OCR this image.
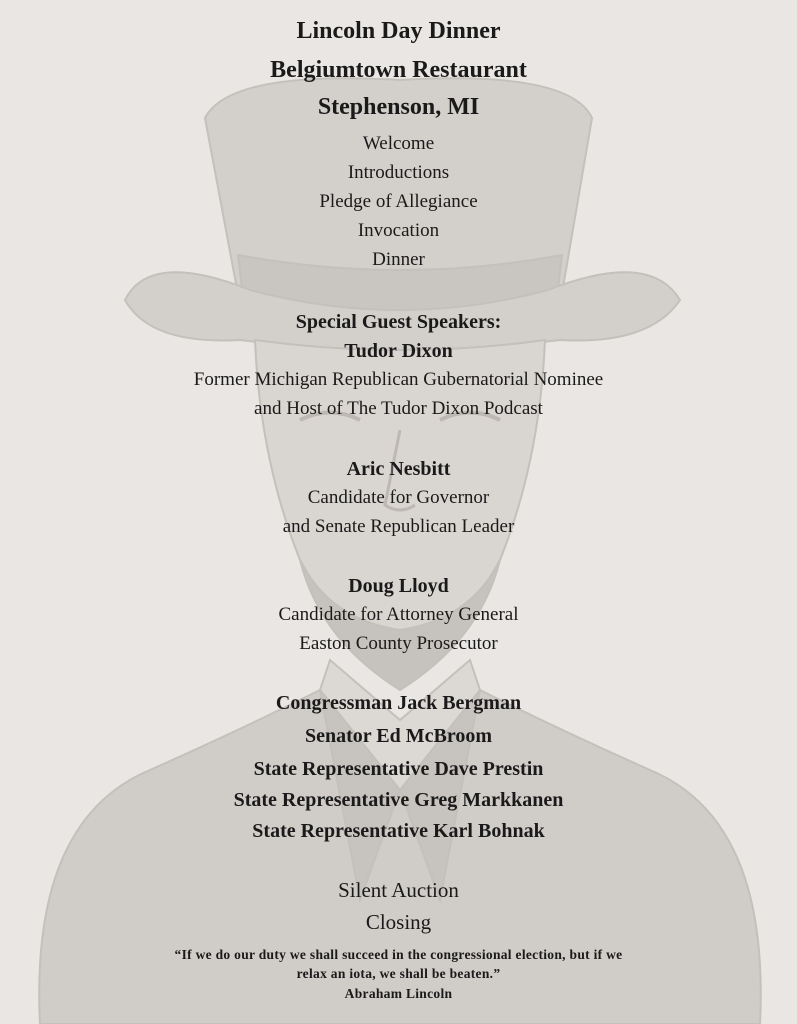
Lincoln Day Dinner
Belgiumtown Restaurant
Stephenson, MI
Welcome
Introductions
Pledge of Allegiance
Invocation
Dinner
Special Guest Speakers:
Tudor Dixon
Former Michigan Republican Gubernatorial Nominee
and Host of The Tudor Dixon Podcast
Aric Nesbitt
Candidate for Governor
and Senate Republican Leader
Doug Lloyd
Candidate for Attorney General
Easton County Prosecutor
Congressman Jack Bergman
Senator Ed McBroom
State Representative Dave Prestin
State Representative Greg Markkanen
State Representative Karl Bohnak
Silent Auction
Closing
“If we do our duty we shall succeed in the congressional election, but if we
relax an iota, we shall be beaten.”
Abraham Lincoln
